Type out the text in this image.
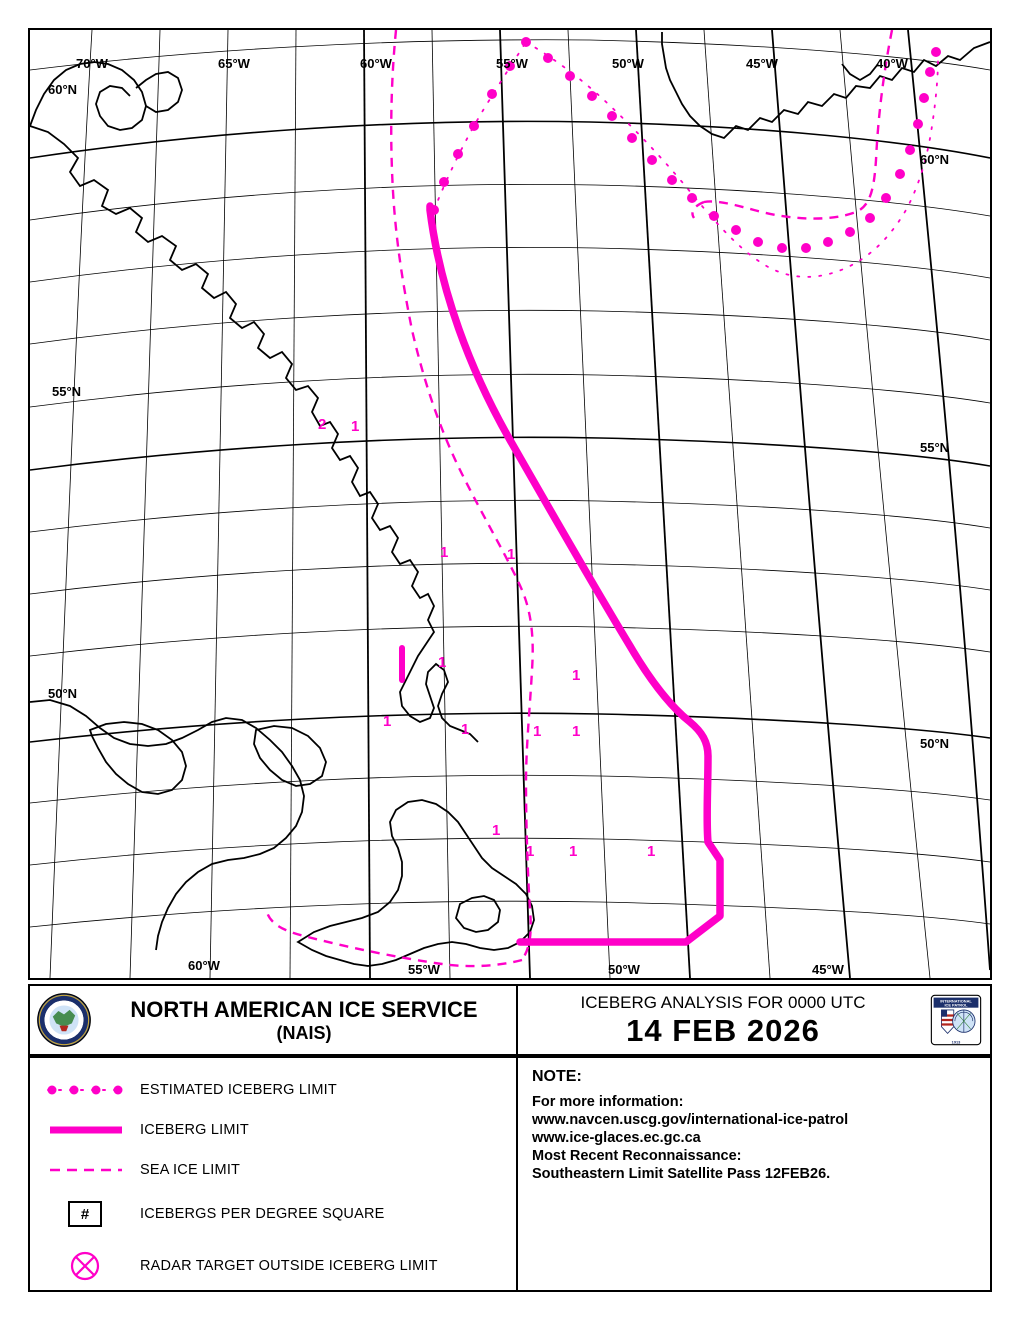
70°W	65°W	60°W	55°W	50°W	45°W	40°W
60°W	55°W	50°W	45°W
60°N
55°N
50°N
60°N
55°N
50°N
2 1
1	1
1
1
1	1	1 1
1
1 1	1
NORTH AMERICAN ICE SERVICE
(NAIS)
ICEBERG ANALYSIS FOR 0000 UTC
14 FEB 2026
INTERNATIONAL
ICE PATROL
1913
ESTIMATED ICEBERG LIMIT
ICEBERG LIMIT
SEA ICE LIMIT
#	ICEBERGS PER DEGREE SQUARE
RADAR TARGET OUTSIDE ICEBERG LIMIT
NOTE:
For more information:
www.navcen.uscg.gov/international-ice-patrol
www.ice-glaces.ec.gc.ca
Most Recent Reconnaissance:
Southeastern Limit Satellite Pass 12FEB26.
